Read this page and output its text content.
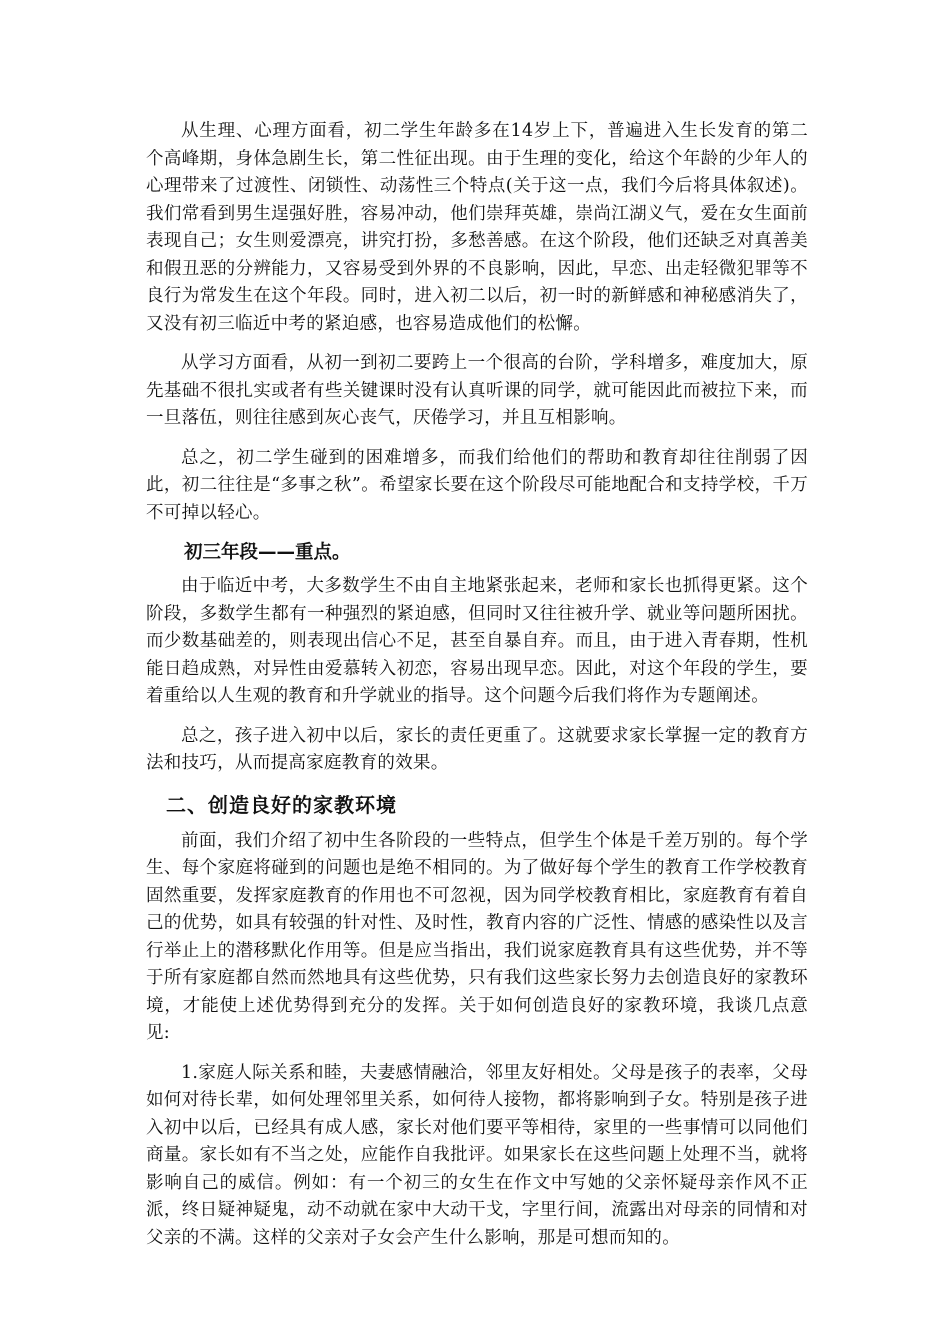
从生理、心理方面看，初二学生年龄多在14岁上下，普遍进入生长发育的第二个高峰期，身体急剧生长，第二性征出现。由于生理的变化，给这个年龄的少年人的心理带来了过渡性、闭锁性、动荡性三个特点(关于这一点，我们今后将具体叙述)。我们常看到男生逞强好胜，容易冲动，他们崇拜英雄，崇尚江湖义气，爱在女生面前表现自己；女生则爱漂亮，讲究打扮，多愁善感。在这个阶段，他们还缺乏对真善美和假丑恶的分辨能力，又容易受到外界的不良影响，因此，早恋、出走轻微犯罪等不良行为常发生在这个年段。同时，进入初二以后，初一时的新鲜感和神秘感消失了，又没有初三临近中考的紧迫感，也容易造成他们的松懈。

从学习方面看，从初一到初二要跨上一个很高的台阶，学科增多，难度加大，原先基础不很扎实或者有些关键课时没有认真听课的同学，就可能因此而被拉下来，而一旦落伍，则往往感到灰心丧气，厌倦学习，并且互相影响。

总之，初二学生碰到的困难增多，而我们给他们的帮助和教育却往往削弱了因此，初二往往是“多事之秋”。希望家长要在这个阶段尽可能地配合和支持学校，千万不可掉以轻心。

初三年段——重点。

由于临近中考，大多数学生不由自主地紧张起来，老师和家长也抓得更紧。这个阶段，多数学生都有一种强烈的紧迫感，但同时又往往被升学、就业等问题所困扰。而少数基础差的，则表现出信心不足，甚至自暴自弃。而且，由于进入青春期，性机能日趋成熟，对异性由爱慕转入初恋，容易出现早恋。因此，对这个年段的学生，要着重给以人生观的教育和升学就业的指导。这个问题今后我们将作为专题阐述。

总之，孩子进入初中以后，家长的责任更重了。这就要求家长掌握一定的教育方法和技巧，从而提高家庭教育的效果。

二、创造良好的家教环境

前面，我们介绍了初中生各阶段的一些特点，但学生个体是千差万别的。每个学生、每个家庭将碰到的问题也是绝不相同的。为了做好每个学生的教育工作学校教育固然重要，发挥家庭教育的作用也不可忽视，因为同学校教育相比，家庭教育有着自己的优势，如具有较强的针对性、及时性，教育内容的广泛性、情感的感染性以及言行举止上的潜移默化作用等。但是应当指出，我们说家庭教育具有这些优势，并不等于所有家庭都自然而然地具有这些优势，只有我们这些家长努力去创造良好的家教环境，才能使上述优势得到充分的发挥。关于如何创造良好的家教环境，我谈几点意见:

1.家庭人际关系和睦，夫妻感情融洽，邻里友好相处。父母是孩子的表率，父母如何对待长辈，如何处理邻里关系，如何待人接物，都将影响到子女。特别是孩子进入初中以后，已经具有成人感，家长对他们要平等相待，家里的一些事情可以同他们商量。家长如有不当之处，应能作自我批评。如果家长在这些问题上处理不当，就将影响自己的威信。例如：有一个初三的女生在作文中写她的父亲怀疑母亲作风不正派，终日疑神疑鬼，动不动就在家中大动干戈，字里行间，流露出对母亲的同情和对父亲的不满。这样的父亲对子女会产生什么影响，那是可想而知的。
